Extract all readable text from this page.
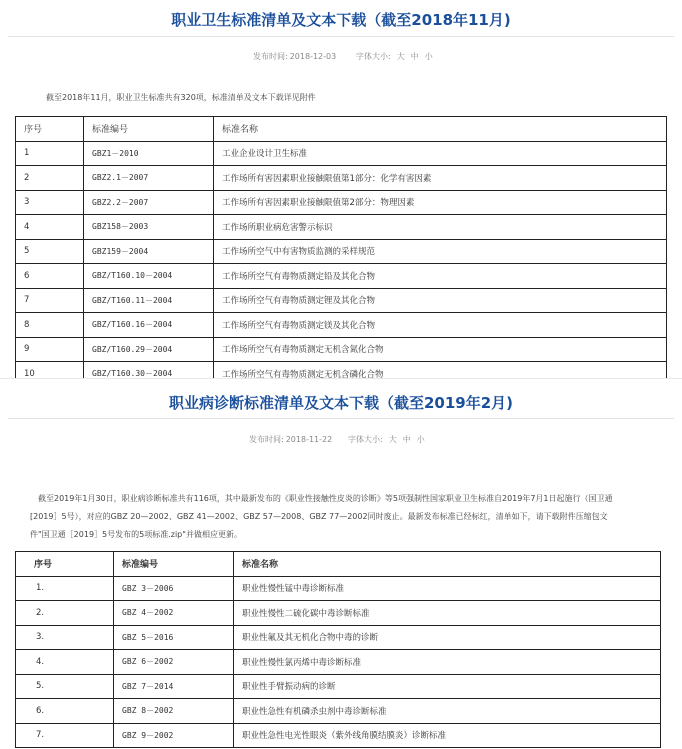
职业卫生标准清单及文本下载（截至2018年11月)
发布时间: 2018-12-03 字体大小: 大 中 小
截至2018年11月，职业卫生标准共有320项，标准清单及文本下载详见附件
序号	标准编号	标准名称
1	GBZ1－2010	工业企业设计卫生标准
2	GBZ2.1－2007	工作场所有害因素职业接触限值第1部分：化学有害因素
3	GBZ2.2－2007	工作场所有害因素职业接触限值第2部分：物理因素
4	GBZ158－2003	工作场所职业病危害警示标识
5	GBZ159－2004	工作场所空气中有害物质监测的采样规范
6	GBZ/T160.10－2004	工作场所空气有毒物质测定铅及其化合物
7	GBZ/T160.11－2004	工作场所空气有毒物质测定锂及其化合物
8	GBZ/T160.16－2004	工作场所空气有毒物质测定镁及其化合物
9	GBZ/T160.29－2004	工作场所空气有毒物质测定无机含氮化合物
10	GBZ/T160.30－2004	工作场所空气有毒物质测定无机含磷化合物
职业病诊断标准清单及文本下载（截至2019年2月)
发布时间: 2018-11-22 字体大小: 大 中 小
截至2019年1月30日，职业病诊断标准共有116项，其中最新发布的《职业性接触性皮炎的诊断》等5项强制性国家职业卫生标准自2019年7月1日起施行（国卫通
[2019］5号），对应的GBZ 20—2002、GBZ 41—2002、GBZ 57—2008、GBZ 77—2002同时废止。最新发布标准已经标红，清单如下，请下载附件压缩包文
件"国卫通［2019］5号发布的5项标准.zip"并做相应更新。
序号	标准编号	标准名称
1.	GBZ 3－2006	职业性慢性锰中毒诊断标准
2.	GBZ 4－2002	职业性慢性二硫化碳中毒诊断标准
3.	GBZ 5－2016	职业性氟及其无机化合物中毒的诊断
4.	GBZ 6－2002	职业性慢性氯丙烯中毒诊断标准
5.	GBZ 7－2014	职业性手臂振动病的诊断
6.	GBZ 8－2002	职业性急性有机磷杀虫剂中毒诊断标准
7.	GBZ 9－2002	职业性急性电光性眼炎（紫外线角膜结膜炎）诊断标准
